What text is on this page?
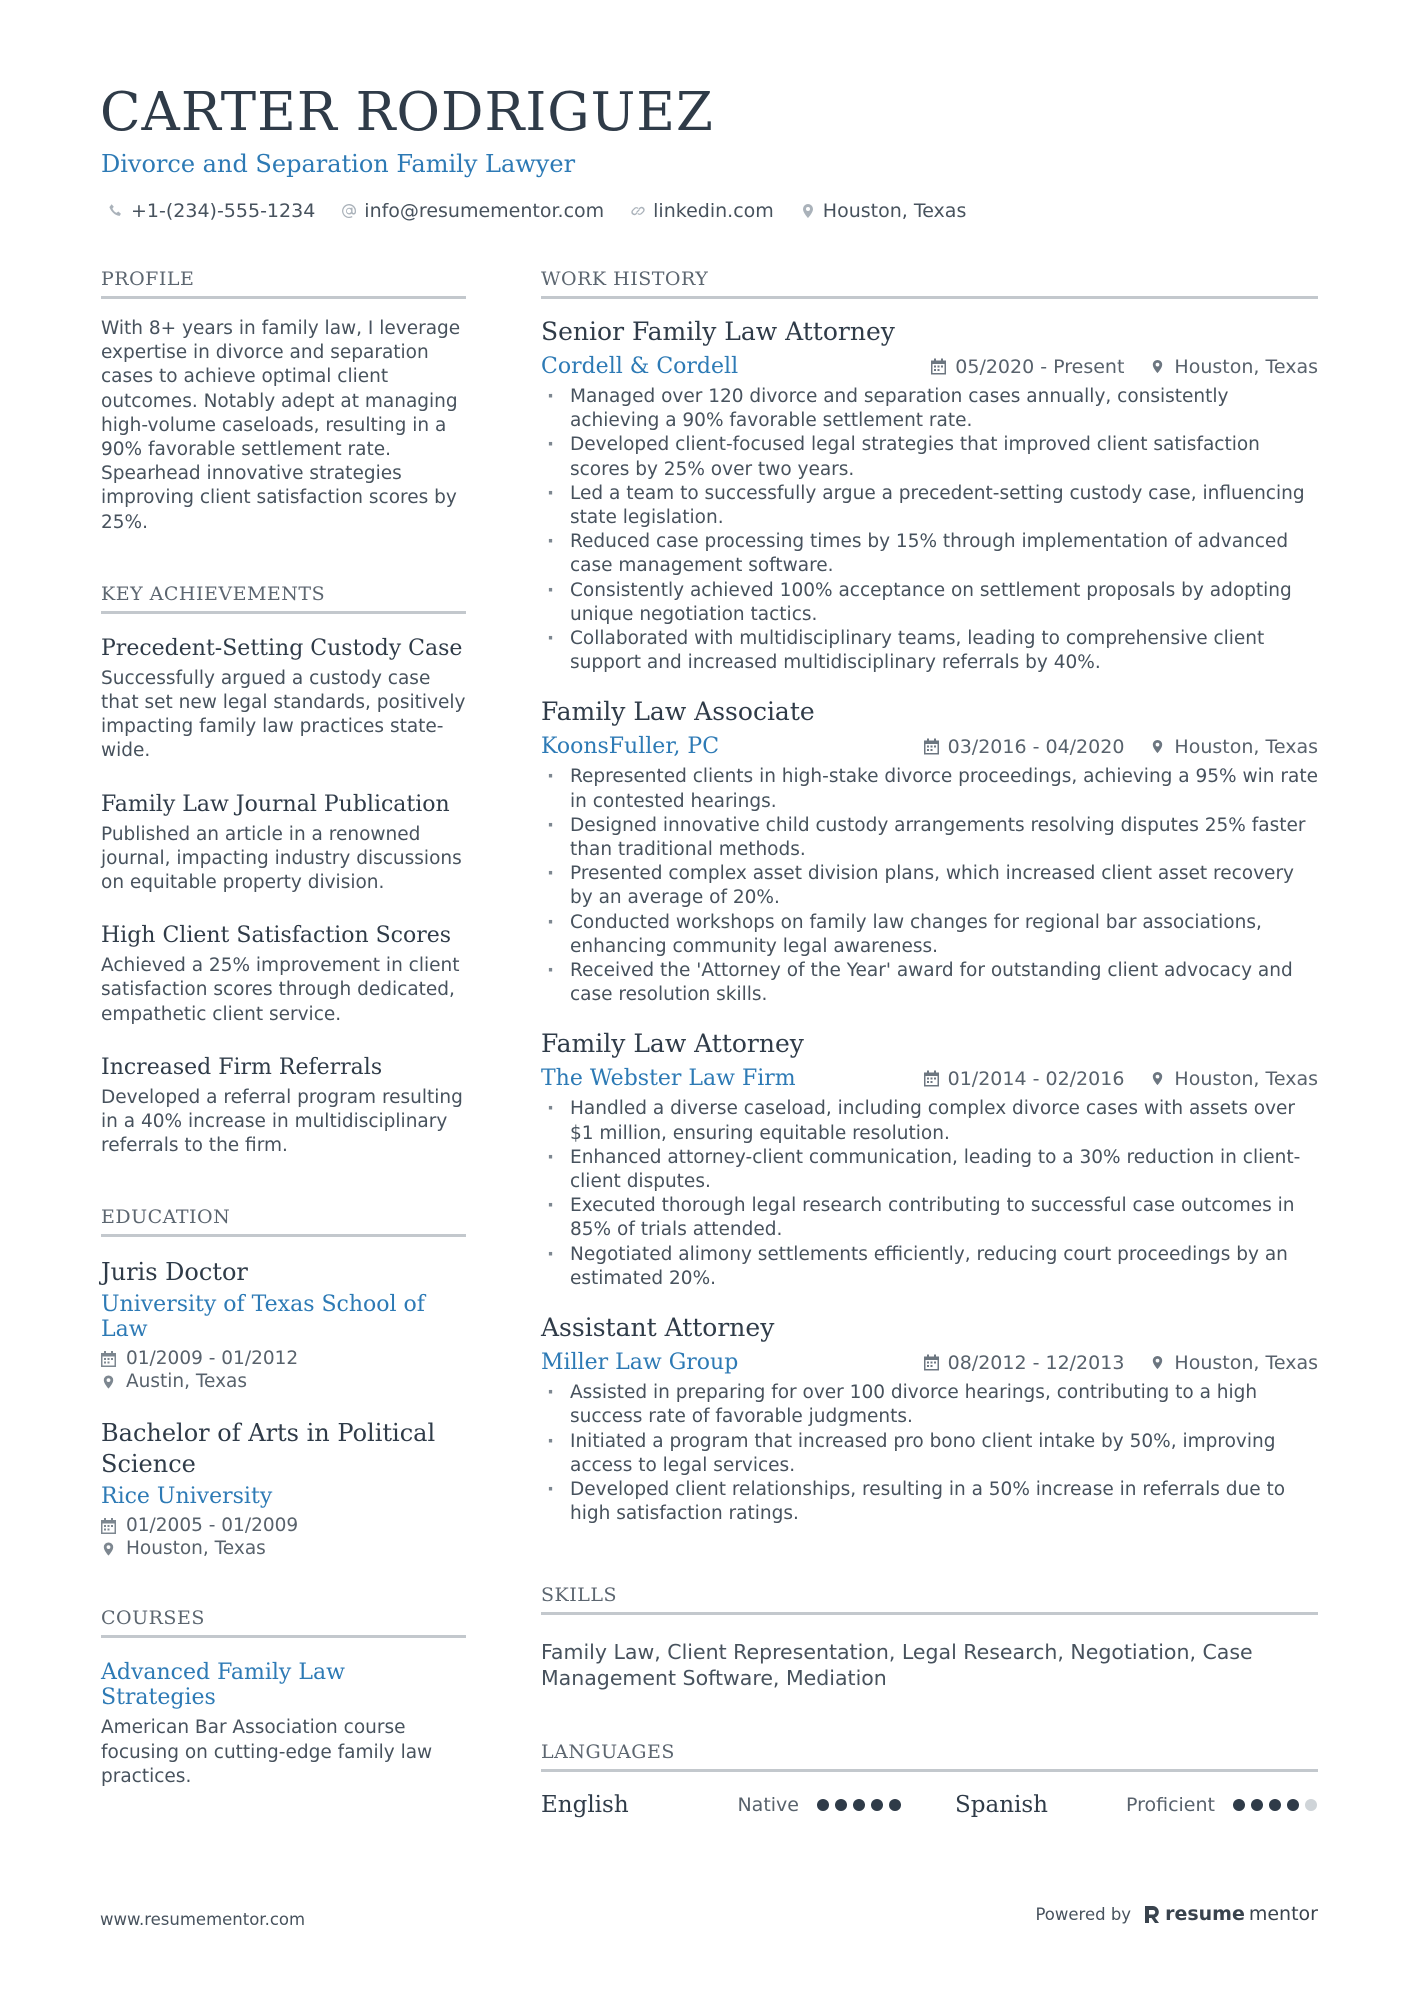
CARTER RODRIGUEZ
Divorce and Separation Family Lawyer
+1-(234)-555-1234	info@resumementor.com	linkedin.com	Houston, Texas
PROFILE
With 8+ years in family law, I leverage expertise in divorce and separation cases to achieve optimal client outcomes. Notably adept at managing high-volume caseloads, resulting in a 90% favorable settlement rate. Spearhead innovative strategies improving client satisfaction scores by 25%.
KEY ACHIEVEMENTS
Precedent-Setting Custody Case
Successfully argued a custody case that set new legal standards, positively impacting family law practices state-wide.
Family Law Journal Publication
Published an article in a renowned journal, impacting industry discussions on equitable property division.
High Client Satisfaction Scores
Achieved a 25% improvement in client satisfaction scores through dedicated, empathetic client service.
Increased Firm Referrals
Developed a referral program resulting in a 40% increase in multidisciplinary referrals to the firm.
EDUCATION
Juris Doctor
University of Texas School of Law
01/2009 - 01/2012
Austin, Texas
Bachelor of Arts in Political Science
Rice University
01/2005 - 01/2009
Houston, Texas
COURSES
Advanced Family Law Strategies
American Bar Association course focusing on cutting-edge family law practices.
WORK HISTORY
Senior Family Law Attorney
Cordell & Cordell	05/2020 - Present	Houston, Texas
· Managed over 120 divorce and separation cases annually, consistently achieving a 90% favorable settlement rate.
· Developed client-focused legal strategies that improved client satisfaction scores by 25% over two years.
· Led a team to successfully argue a precedent-setting custody case, influencing state legislation.
· Reduced case processing times by 15% through implementation of advanced case management software.
· Consistently achieved 100% acceptance on settlement proposals by adopting unique negotiation tactics.
· Collaborated with multidisciplinary teams, leading to comprehensive client support and increased multidisciplinary referrals by 40%.
Family Law Associate
KoonsFuller, PC	03/2016 - 04/2020	Houston, Texas
· Represented clients in high-stake divorce proceedings, achieving a 95% win rate in contested hearings.
· Designed innovative child custody arrangements resolving disputes 25% faster than traditional methods.
· Presented complex asset division plans, which increased client asset recovery by an average of 20%.
· Conducted workshops on family law changes for regional bar associations, enhancing community legal awareness.
· Received the 'Attorney of the Year' award for outstanding client advocacy and case resolution skills.
Family Law Attorney
The Webster Law Firm	01/2014 - 02/2016	Houston, Texas
· Handled a diverse caseload, including complex divorce cases with assets over $1 million, ensuring equitable resolution.
· Enhanced attorney-client communication, leading to a 30% reduction in client-client disputes.
· Executed thorough legal research contributing to successful case outcomes in 85% of trials attended.
· Negotiated alimony settlements efficiently, reducing court proceedings by an estimated 20%.
Assistant Attorney
Miller Law Group	08/2012 - 12/2013	Houston, Texas
· Assisted in preparing for over 100 divorce hearings, contributing to a high success rate of favorable judgments.
· Initiated a program that increased pro bono client intake by 50%, improving access to legal services.
· Developed client relationships, resulting in a 50% increase in referrals due to high satisfaction ratings.
SKILLS
Family Law, Client Representation, Legal Research, Negotiation, Case Management Software, Mediation
LANGUAGES
English	Native	Spanish	Proficient
www.resumementor.com	Powered by resume mentor
